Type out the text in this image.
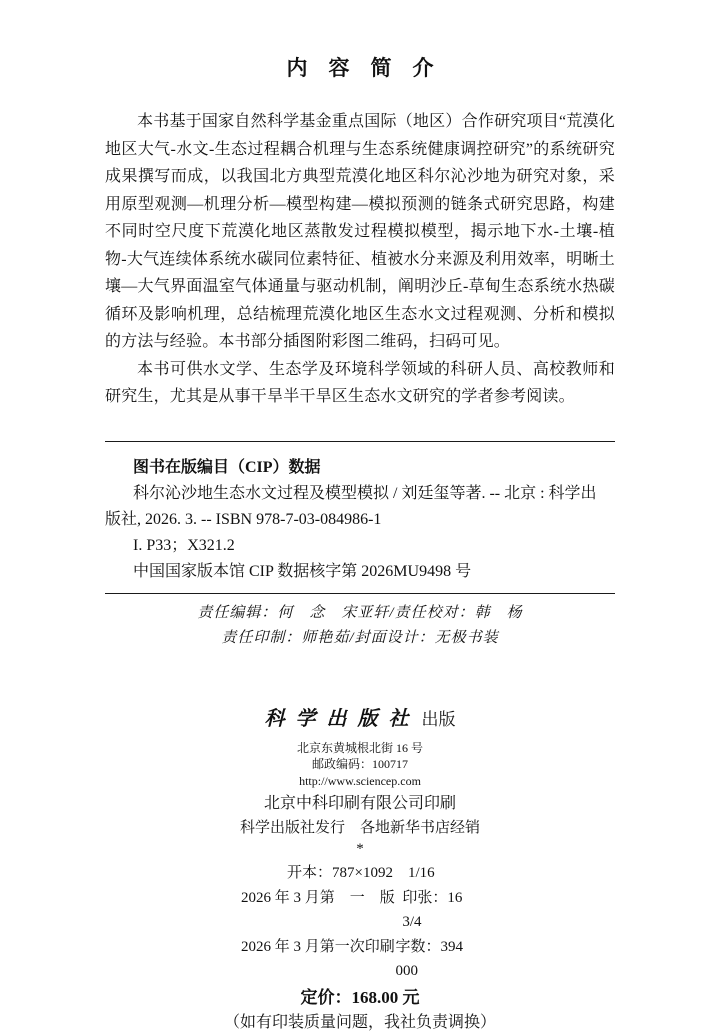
内　容　简　介

本书基于国家自然科学基金重点国际（地区）合作研究项目“荒漠化地区大气-水文-生态过程耦合机理与生态系统健康调控研究”的系统研究成果撰写而成，以我国北方典型荒漠化地区科尔沁沙地为研究对象，采用原型观测—机理分析—模型构建—模拟预测的链条式研究思路，构建不同时空尺度下荒漠化地区蒸散发过程模拟模型，揭示地下水-土壤-植物-大气连续体系统水碳同位素特征、植被水分来源及利用效率，明晰土壤—大气界面温室气体通量与驱动机制，阐明沙丘-草甸生态系统水热碳循环及影响机理，总结梳理荒漠化地区生态水文过程观测、分析和模拟的方法与经验。本书部分插图附彩图二维码，扫码可见。

本书可供水文学、生态学及环境科学领域的科研人员、高校教师和研究生，尤其是从事干旱半干旱区生态水文研究的学者参考阅读。

图书在版编目（CIP）数据
科尔沁沙地生态水文过程及模型模拟 / 刘廷玺等著. -- 北京 : 科学出
版社, 2026. 3. -- ISBN 978-7-03-084986-1
I. P33；X321.2
中国国家版本馆 CIP 数据核字第 2026MU9498 号
责任编辑：何　念　宋亚轩/责任校对：韩　杨
责任印制：师艳茹/封面设计：无极书装
科学出版社 出版
北京东黄城根北街 16 号
邮政编码：100717
http://www.sciencep.com
北京中科印刷有限公司印刷
科学出版社发行　各地新华书店经销
*
开本：787×1092　1/16
2026 年 3 月第　一　版 印张：16 3/4
2026 年 3 月第一次印刷 字数：394 000
定价：168.00 元
（如有印装质量问题，我社负责调换）
